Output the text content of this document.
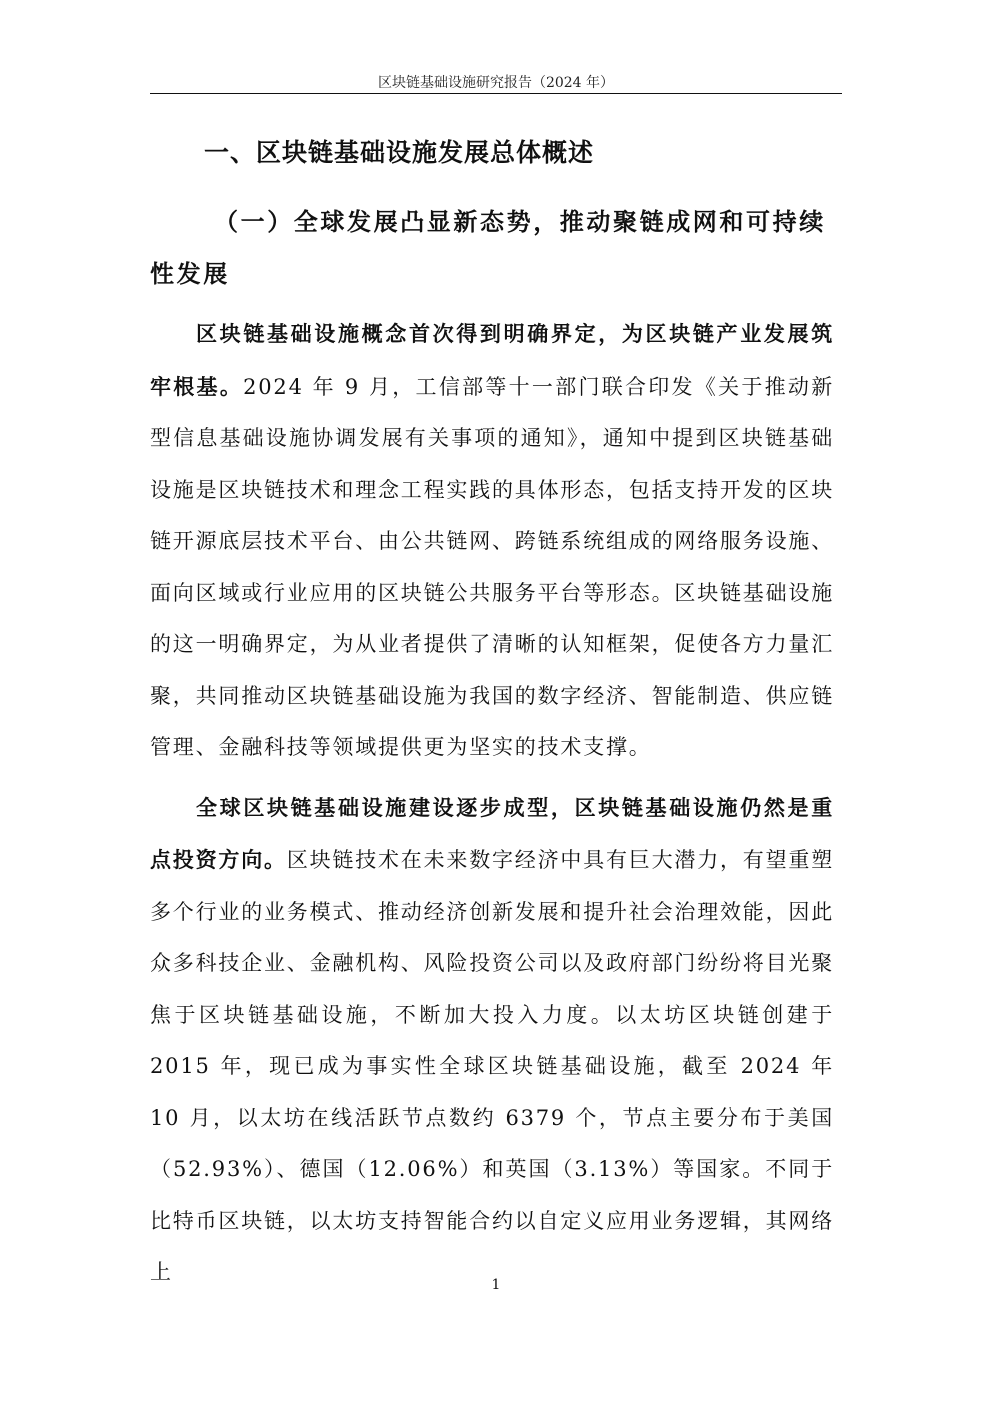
区块链基础设施研究报告（2024 年）
一、区块链基础设施发展总体概述
（一）全球发展凸显新态势，推动聚链成网和可持续性发展

区块链基础设施概念首次得到明确界定，为区块链产业发展筑牢根基。2024 年 9 月，工信部等十一部门联合印发《关于推动新型信息基础设施协调发展有关事项的通知》，通知中提到区块链基础设施是区块链技术和理念工程实践的具体形态，包括支持开发的区块链开源底层技术平台、由公共链网、跨链系统组成的网络服务设施、面向区域或行业应用的区块链公共服务平台等形态。区块链基础设施的这一明确界定，为从业者提供了清晰的认知框架，促使各方力量汇聚，共同推动区块链基础设施为我国的数字经济、智能制造、供应链管理、金融科技等领域提供更为坚实的技术支撑。

全球区块链基础设施建设逐步成型，区块链基础设施仍然是重点投资方向。区块链技术在未来数字经济中具有巨大潜力，有望重塑多个行业的业务模式、推动经济创新发展和提升社会治理效能，因此众多科技企业、金融机构、风险投资公司以及政府部门纷纷将目光聚焦于区块链基础设施，不断加大投入力度。以太坊区块链创建于 2015 年，现已成为事实性全球区块链基础设施，截至 2024 年 10 月，以太坊在线活跃节点数约 6379 个，节点主要分布于美国（52.93%）、德国（12.06%）和英国（3.13%）等国家。不同于比特币区块链，以太坊支持智能合约以自定义应用业务逻辑，其网络上

1
